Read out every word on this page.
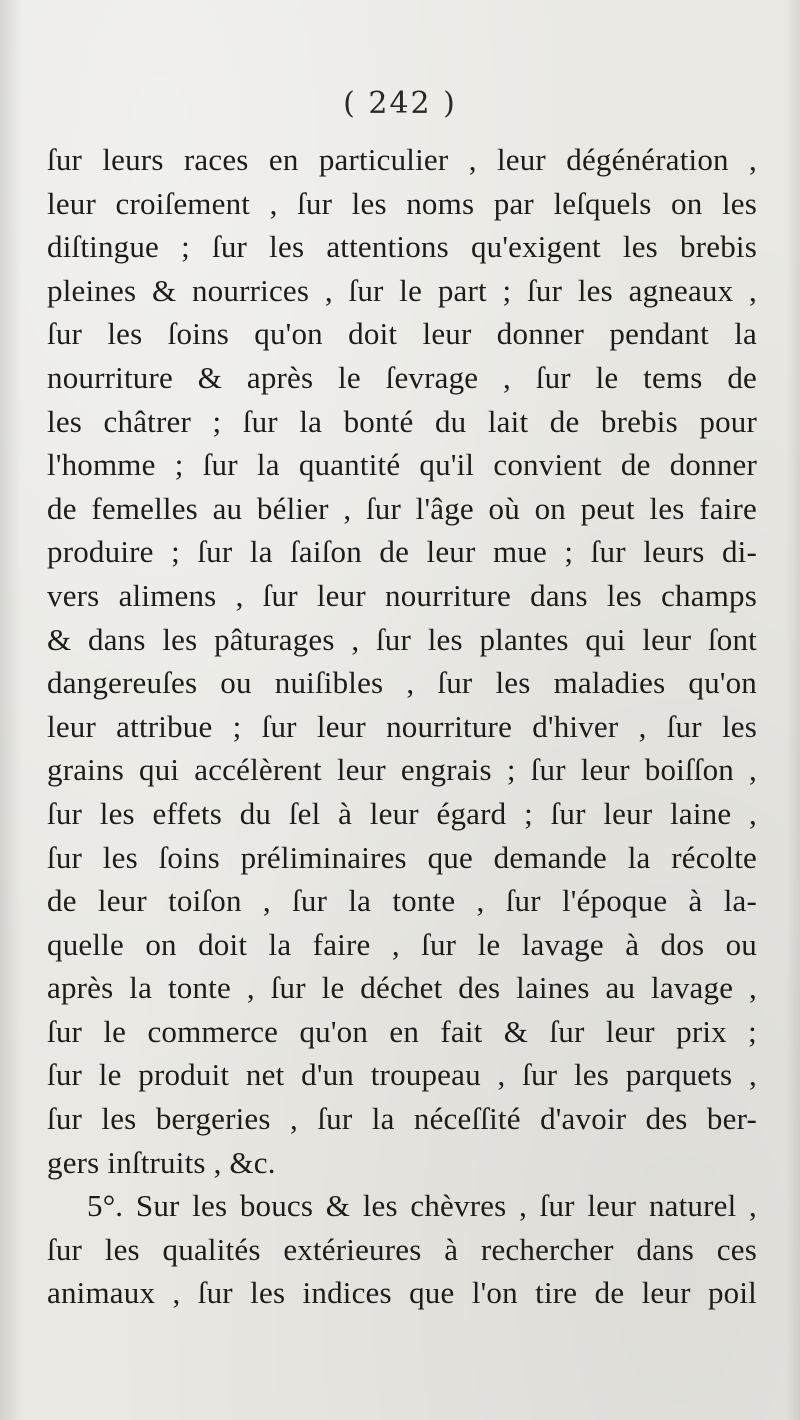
( 242 )
ſur leurs races en particulier , leur dégénération ,
leur croiſement , ſur les noms par leſquels on les
diſtingue ; ſur les attentions qu'exigent les brebis
pleines & nourrices , ſur le part ; ſur les agneaux ,
ſur les ſoins qu'on doit leur donner pendant la
nourriture & après le ſevrage , ſur le tems de
les châtrer ; ſur la bonté du lait de brebis pour
l'homme ; ſur la quantité qu'il convient de donner
de femelles au bélier , ſur l'âge où on peut les faire
produire ; ſur la ſaiſon de leur mue ; ſur leurs di-
vers alimens , ſur leur nourriture dans les champs
& dans les pâturages , ſur les plantes qui leur ſont
dangereuſes ou nuiſibles , ſur les maladies qu'on
leur attribue ; ſur leur nourriture d'hiver , ſur les
grains qui accélèrent leur engrais ; ſur leur boiſſon ,
ſur les effets du ſel à leur égard ; ſur leur laine ,
ſur les ſoins préliminaires que demande la récolte
de leur toiſon , ſur la tonte , ſur l'époque à la-
quelle on doit la faire , ſur le lavage à dos ou
après la tonte , ſur le déchet des laines au lavage ,
ſur le commerce qu'on en fait & ſur leur prix ;
ſur le produit net d'un troupeau , ſur les parquets ,
ſur les bergeries , ſur la néceſſité d'avoir des ber-
gers inſtruits , &c.
5°. Sur les boucs & les chèvres , ſur leur naturel ,
ſur les qualités extérieures à rechercher dans ces
animaux , ſur les indices que l'on tire de leur poil
